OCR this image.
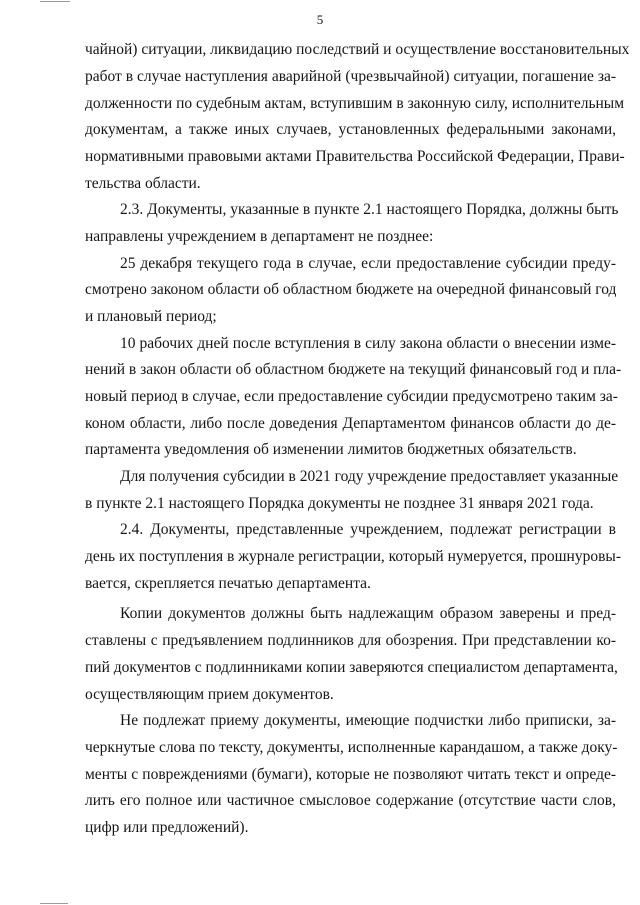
5
чайной) ситуации, ликвидацию последствий и осуществление восстановительных
работ в случае наступления аварийной (чрезвычайной) ситуации, погашение за-
долженности по судебным актам, вступившим в законную силу, исполнительным
документам, а также иных случаев, установленных федеральными законами,
нормативными правовыми актами Правительства Российской Федерации, Прави-
тельства области.
2.3. Документы, указанные в пункте 2.1 настоящего Порядка, должны быть
направлены учреждением в департамент не позднее:
25 декабря текущего года в случае, если предоставление субсидии преду-
смотрено законом области об областном бюджете на очередной финансовый год
и плановый период;
10 рабочих дней после вступления в силу закона области о внесении изме-
нений в закон области об областном бюджете на текущий финансовый год и пла-
новый период в случае, если предоставление субсидии предусмотрено таким за-
коном области, либо после доведения Департаментом финансов области до де-
партамента уведомления об изменении лимитов бюджетных обязательств.
Для получения субсидии в 2021 году учреждение предоставляет указанные
в пункте 2.1 настоящего Порядка документы не позднее 31 января 2021 года.
2.4. Документы, представленные учреждением, подлежат регистрации в
день их поступления в журнале регистрации, который нумеруется, прошнуровы-
вается, скрепляется печатью департамента.
Копии документов должны быть надлежащим образом заверены и пред-
ставлены с предъявлением подлинников для обозрения. При представлении ко-
пий документов с подлинниками копии заверяются специалистом департамента,
осуществляющим прием документов.
Не подлежат приему документы, имеющие подчистки либо приписки, за-
черкнутые слова по тексту, документы, исполненные карандашом, а также доку-
менты с повреждениями (бумаги), которые не позволяют читать текст и опреде-
лить его полное или частичное смысловое содержание (отсутствие части слов,
цифр или предложений).
